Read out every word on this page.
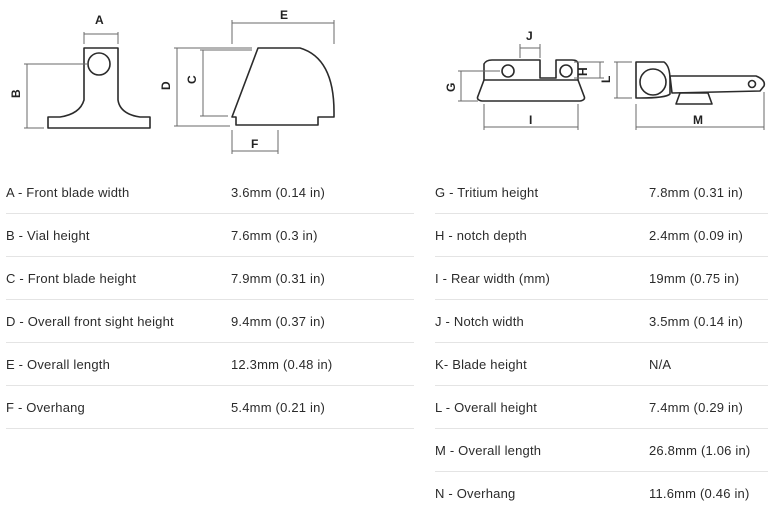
A
B
C
D
E
F
J
H
G
I
L
M
A - Front blade width	3.6mm (0.14 in)
B - Vial height	7.6mm (0.3 in)
C - Front blade height	7.9mm (0.31 in)
D - Overall front sight height	9.4mm (0.37 in)
E - Overall length	12.3mm (0.48 in)
F - Overhang	5.4mm (0.21 in)
G - Tritium height	7.8mm (0.31 in)
H - notch depth	2.4mm (0.09 in)
I - Rear width (mm)	19mm (0.75 in)
J - Notch width	3.5mm (0.14 in)
K- Blade height	N/A
L - Overall height	7.4mm (0.29 in)
M - Overall length	26.8mm (1.06 in)
N - Overhang	11.6mm (0.46 in)
